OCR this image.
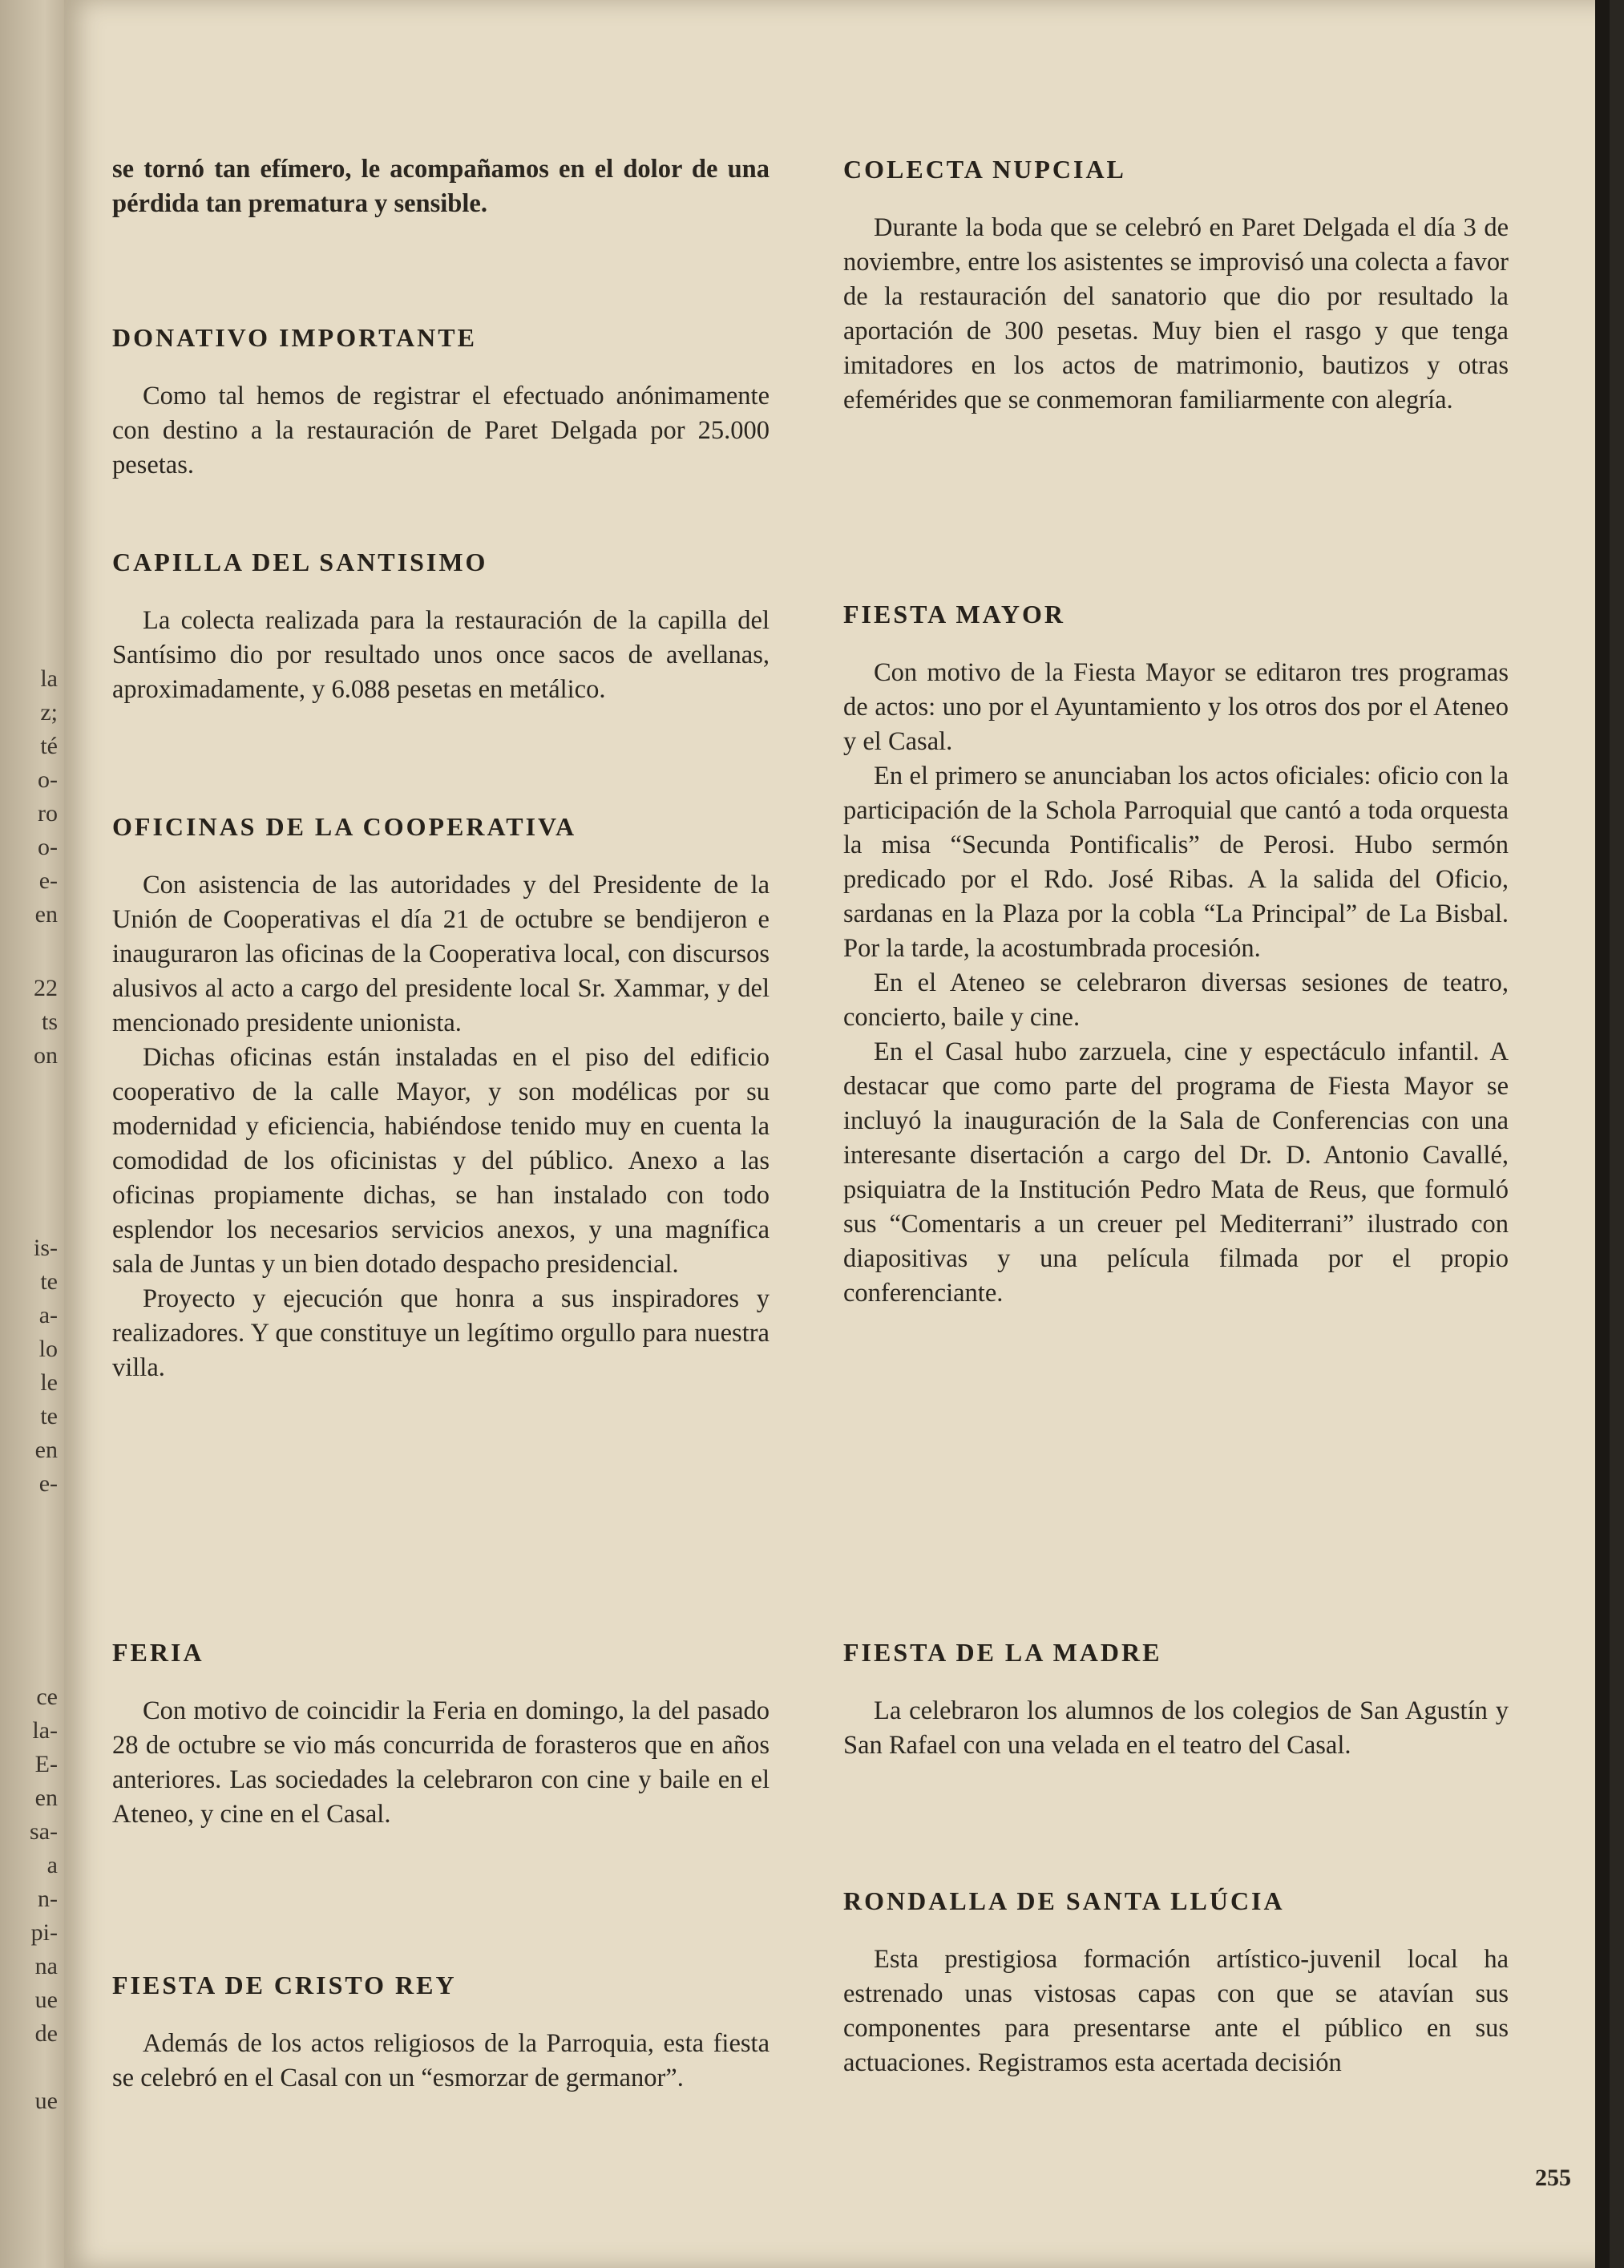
la
z;
té
o-
ro
o-
e-
en
22
ts
on
is-
te
a-
lo
le
te
en
e-
ce
la-
E-
en
sa-
a
n-
pi-
na
ue
de
ue

se tornó tan efímero, le acompañamos en el dolor de una pérdida tan prematura y sensible.

DONATIVO IMPORTANTE

Como tal hemos de registrar el efectuado anónimamente con destino a la restauración de Paret Delgada por 25.000 pesetas.

CAPILLA DEL SANTISIMO

La colecta realizada para la restauración de la capilla del Santísimo dio por resultado unos once sacos de avellanas, aproximadamente, y 6.088 pesetas en metálico.

OFICINAS DE LA COOPERATIVA

Con asistencia de las autoridades y del Presidente de la Unión de Cooperativas el día 21 de octubre se bendijeron e inauguraron las oficinas de la Cooperativa local, con discursos alusivos al acto a cargo del presidente local Sr. Xammar, y del mencionado presidente unionista.

Dichas oficinas están instaladas en el piso del edificio cooperativo de la calle Mayor, y son modélicas por su modernidad y eficiencia, habiéndose tenido muy en cuenta la comodidad de los oficinistas y del público. Anexo a las oficinas propiamente dichas, se han instalado con todo esplendor los necesarios servicios anexos, y una magnífica sala de Juntas y un bien dotado despacho presidencial.

Proyecto y ejecución que honra a sus inspiradores y realizadores. Y que constituye un legítimo orgullo para nuestra villa.

FERIA

Con motivo de coincidir la Feria en domingo, la del pasado 28 de octubre se vio más concurrida de forasteros que en años anteriores. Las sociedades la celebraron con cine y baile en el Ateneo, y cine en el Casal.

FIESTA DE CRISTO REY

Además de los actos religiosos de la Parroquia, esta fiesta se celebró en el Casal con un “esmorzar de germanor”.

COLECTA NUPCIAL

Durante la boda que se celebró en Paret Delgada el día 3 de noviembre, entre los asistentes se improvisó una colecta a favor de la restauración del sanatorio que dio por resultado la aportación de 300 pesetas. Muy bien el rasgo y que tenga imitadores en los actos de matrimonio, bautizos y otras efemérides que se conmemoran familiarmente con alegría.

FIESTA MAYOR

Con motivo de la Fiesta Mayor se editaron tres programas de actos: uno por el Ayuntamiento y los otros dos por el Ateneo y el Casal.

En el primero se anunciaban los actos oficiales: oficio con la participación de la Schola Parroquial que cantó a toda orquesta la misa “Secunda Pontificalis” de Perosi. Hubo sermón predicado por el Rdo. José Ribas. A la salida del Oficio, sardanas en la Plaza por la cobla “La Principal” de La Bisbal. Por la tarde, la acostumbrada procesión.

En el Ateneo se celebraron diversas sesiones de teatro, concierto, baile y cine.

En el Casal hubo zarzuela, cine y espectáculo infantil. A destacar que como parte del programa de Fiesta Mayor se incluyó la inauguración de la Sala de Conferencias con una interesante disertación a cargo del Dr. D. Antonio Cavallé, psiquiatra de la Institución Pedro Mata de Reus, que formuló sus “Comentaris a un creuer pel Mediterrani” ilustrado con diapositivas y una película filmada por el propio conferenciante.

FIESTA DE LA MADRE

La celebraron los alumnos de los colegios de San Agustín y San Rafael con una velada en el teatro del Casal.

RONDALLA DE SANTA LLÚCIA

Esta prestigiosa formación artístico-juvenil local ha estrenado unas vistosas capas con que se atavían sus componentes para presentarse ante el público en sus actuaciones. Registramos esta acertada decisión

255
